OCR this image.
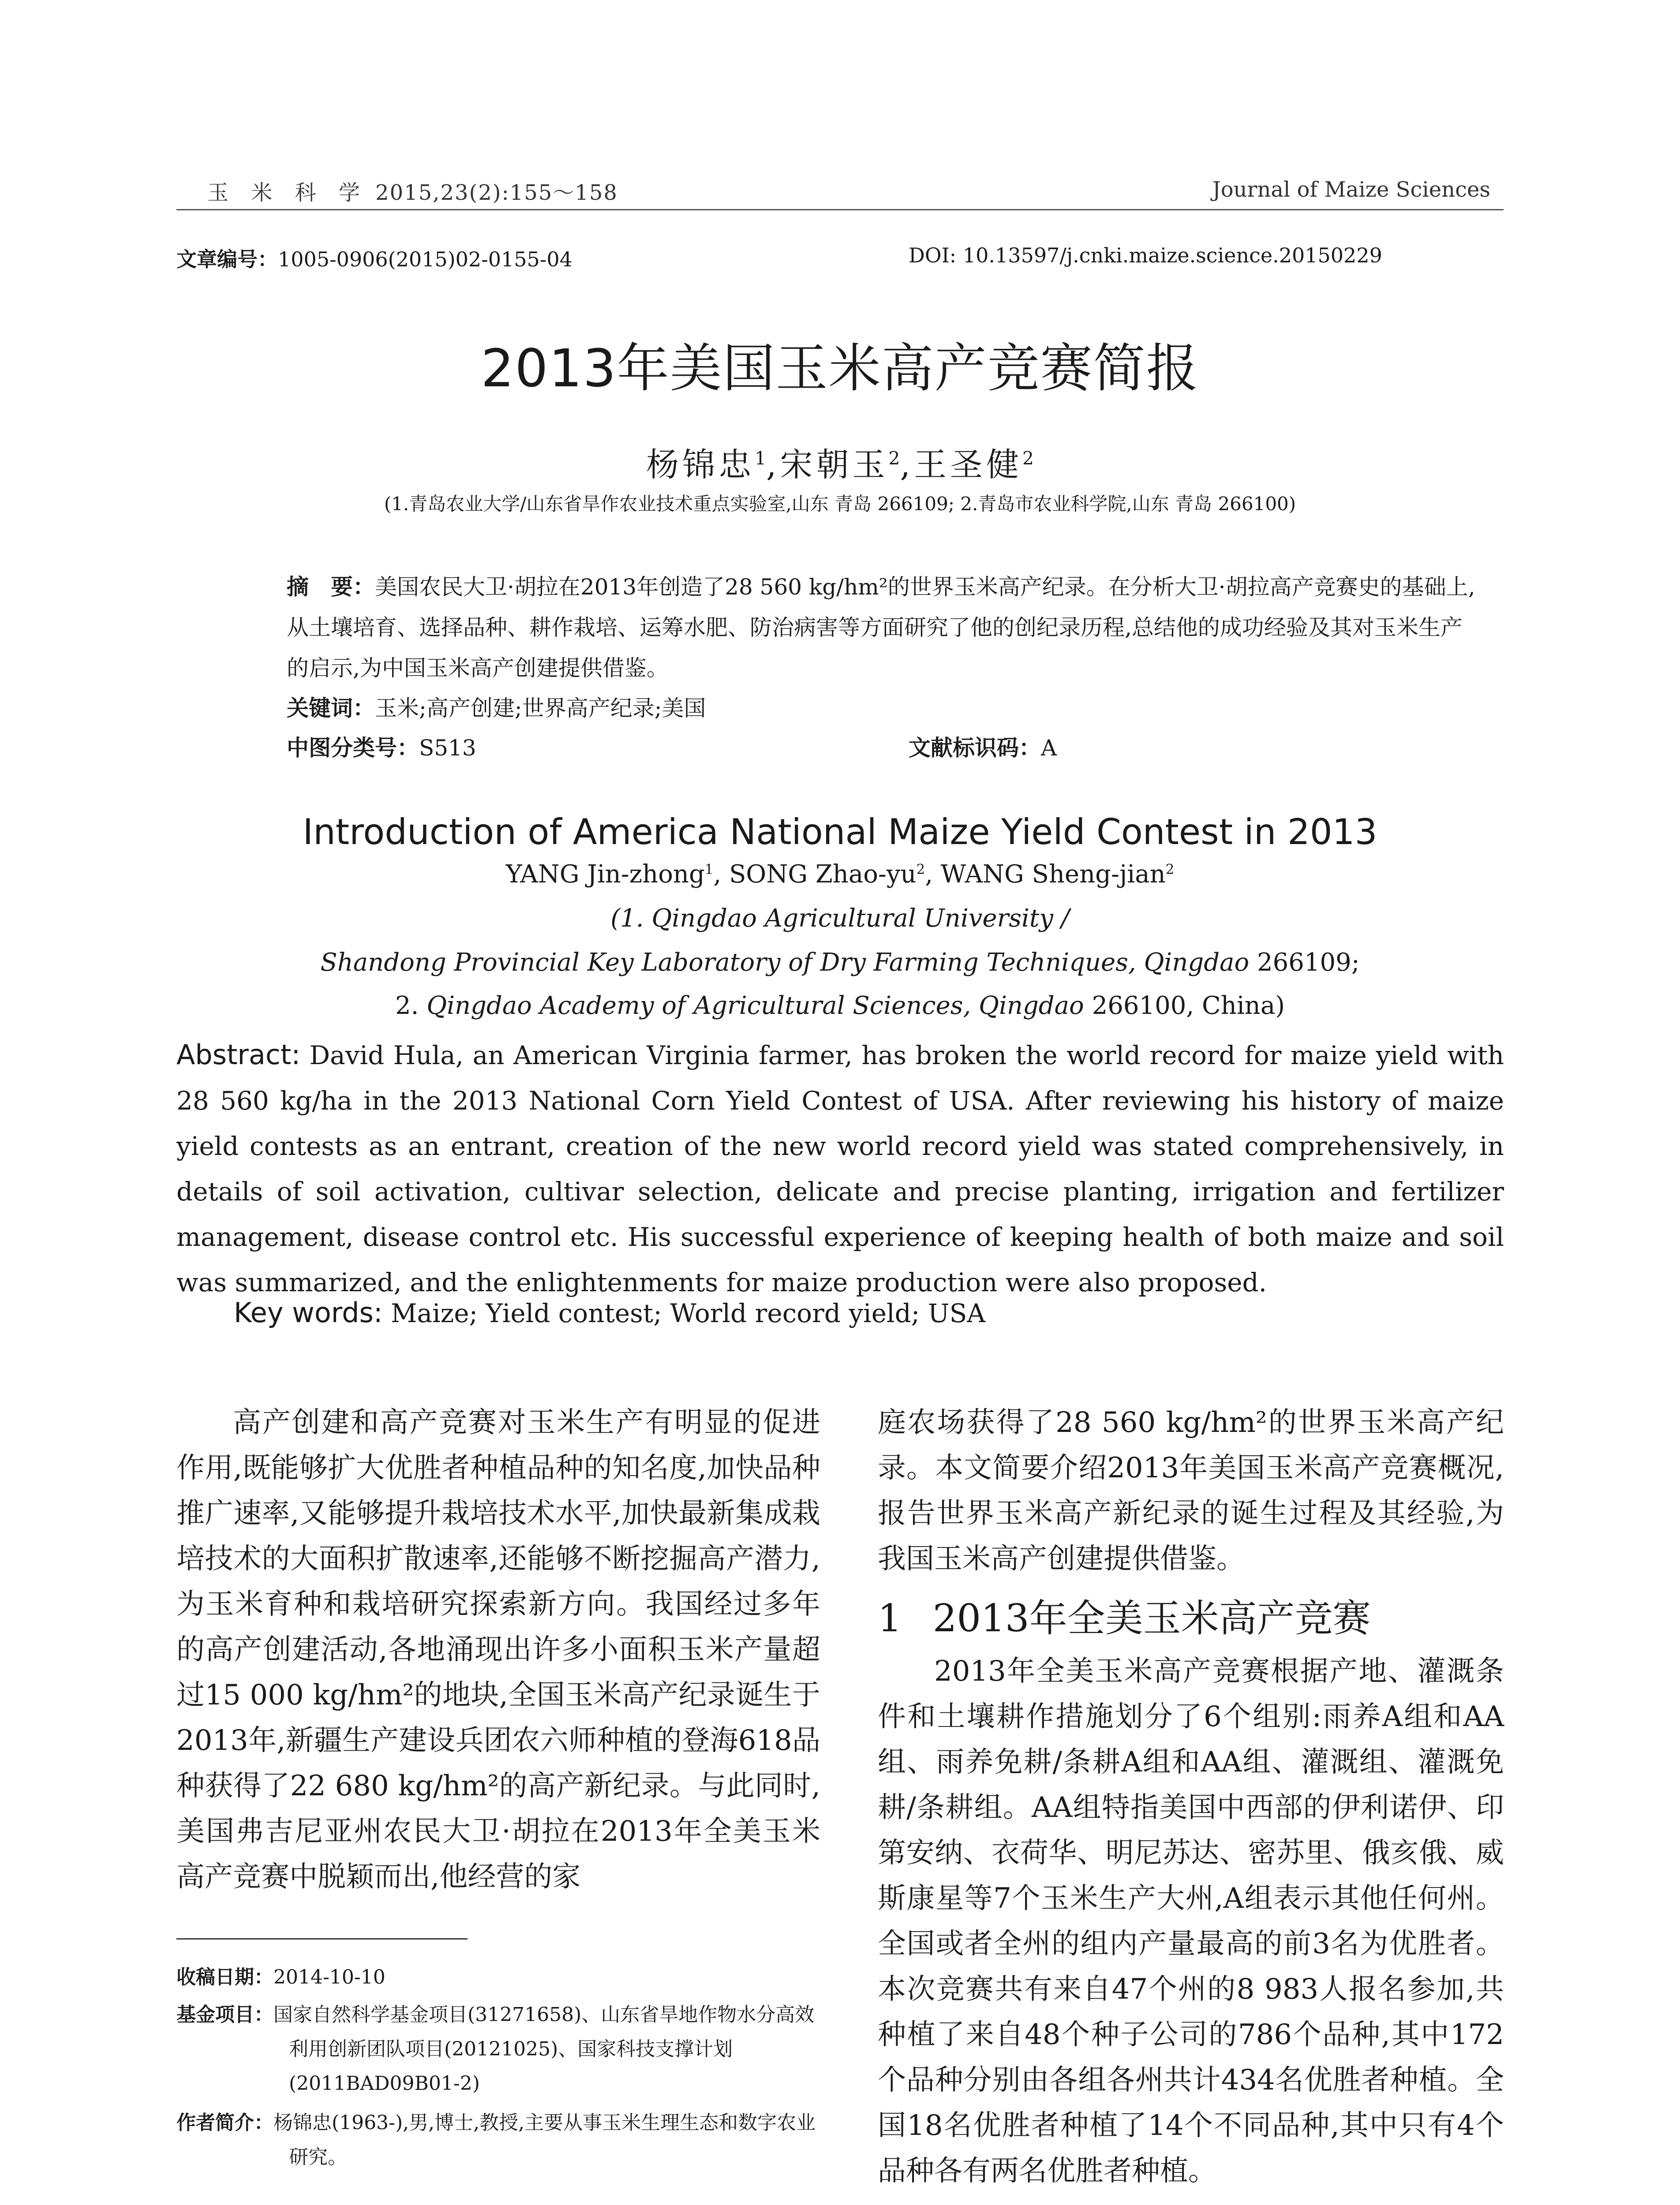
玉 米 科 学 2015,23(2):155～158	Journal of Maize Sciences
文章编号：1005-0906(2015)02-0155-04	DOI: 10.13597/j.cnki.maize.science.20150229
2013年美国玉米高产竞赛简报
杨锦忠$^1$,宋朝玉$^2$,王圣健$^2$
(1.青岛农业大学/山东省旱作农业技术重点实验室,山东 青岛 266109; 2.青岛市农业科学院,山东 青岛 266100)
摘　要：美国农民大卫·胡拉在2013年创造了28 560 kg/hm²的世界玉米高产纪录。在分析大卫·胡拉高产竞赛史的基础上,从土壤培育、选择品种、耕作栽培、运筹水肥、防治病害等方面研究了他的创纪录历程,总结他的成功经验及其对玉米生产的启示,为中国玉米高产创建提供借鉴。
关键词：玉米;高产创建;世界高产纪录;美国
中图分类号：S513	文献标识码：A
Introduction of America National Maize Yield Contest in 2013
YANG Jin-zhong$^1$, SONG Zhao-$yu^2$, WANG Sheng-jian$^2$
(1. Qingdao Agricultural University /
Shandong Provincial Key Laboratory of Dry Farming Techniques, Qingdao 266109;
2. Qingdao Academy of Agricultural Sciences, Qingdao 266100, China)
Abstract: David Hula, an American Virginia farmer, has broken the world record for maize yield with 28 560 kg/ha in the 2013 National Corn Yield Contest of USA. After reviewing his history of maize yield contests as an entrant, creation of the new world record yield was stated comprehensively, in details of soil activation, cultivar selection, delicate and precise planting, irrigation and fertilizer management, disease control etc. His successful experience of keeping health of both maize and soil was summarized, and the enlightenments for maize production were also proposed.
Key words: Maize; Yield contest; World record yield; USA

高产创建和高产竞赛对玉米生产有明显的促进作用,既能够扩大优胜者种植品种的知名度,加快品种推广速率,又能够提升栽培技术水平,加快最新集成栽培技术的大面积扩散速率,还能够不断挖掘高产潜力,为玉米育种和栽培研究探索新方向。我国经过多年的高产创建活动,各地涌现出许多小面积玉米产量超过15 000 kg/hm²的地块,全国玉米高产纪录诞生于2013年,新疆生产建设兵团农六师种植的登海618品种获得了22 680 kg/hm²的高产新纪录。与此同时,美国弗吉尼亚州农民大卫·胡拉在2013年全美玉米高产竞赛中脱颖而出,他经营的家

庭农场获得了28 560 kg/hm²的世界玉米高产纪录。本文简要介绍2013年美国玉米高产竞赛概况,报告世界玉米高产新纪录的诞生过程及其经验,为我国玉米高产创建提供借鉴。

1 2013年全美玉米高产竞赛

2013年全美玉米高产竞赛根据产地、灌溉条件和土壤耕作措施划分了6个组别:雨养A组和AA组、雨养免耕/条耕A组和AA组、灌溉组、灌溉免耕/条耕组。AA组特指美国中西部的伊利诺伊、印第安纳、衣荷华、明尼苏达、密苏里、俄亥俄、威斯康星等7个玉米生产大州,A组表示其他任何州。全国或者全州的组内产量最高的前3名为优胜者。本次竞赛共有来自47个州的8 983人报名参加,共种植了来自48个种子公司的786个品种,其中172个品种分别由各组各州共计434名优胜者种植。全国18名优胜者种植了14个不同品种,其中只有4个品种各有两名优胜者种植。

收稿日期：2014-10-10
基金项目：国家自然科学基金项目(31271658)、山东省旱地作物水分高效利用创新团队项目(20121025)、国家科技支撑计划(2011BAD09B01-2)
作者简介：杨锦忠(1963-),男,博士,教授,主要从事玉米生理生态和数字农业研究。
